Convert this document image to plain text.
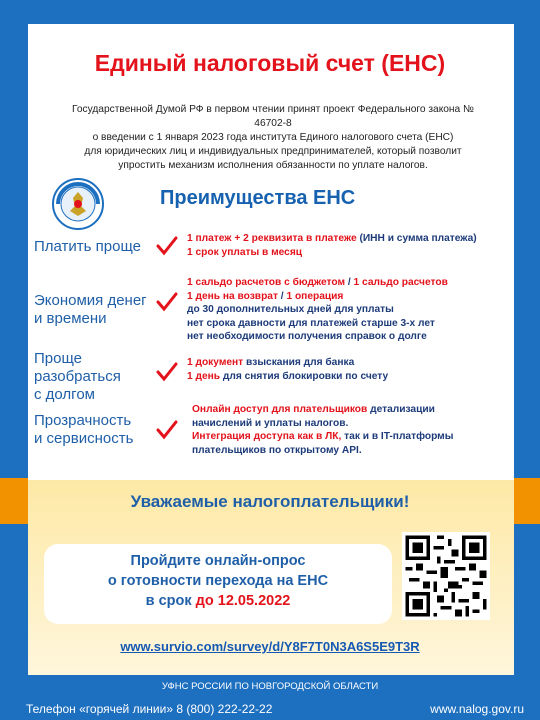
Единый налоговый счет (ЕНС)
Государственной Думой РФ в первом чтении принят проект Федерального закона № 46702-8
о введении с 1 января 2023 года института Единого налогового счета (ЕНС)
для юридических лиц и индивидуальных предпринимателей, который позволит
упростить механизм исполнения обязанности по уплате налогов.
Преимущества ЕНС
Платить проще	1 платеж + 2 реквизита в платеже (ИНН и сумма платежа)
1 срок уплаты в месяц
Экономия денег
и времени
1 сальдо расчетов с бюджетом / 1 сальдо расчетов
1 день на возврат / 1 операция
до 30 дополнительных дней для уплаты
нет срока давности для платежей старше 3-х лет
нет необходимости получения справок о долге
Проще
разобраться
с долгом
1 документ взыскания для банка
1 день для снятия блокировки по счету
Прозрачность
и сервисность
Онлайн доступ для плательщиков детализации
начислений и уплаты налогов.
Интеграция доступа как в ЛК, так и в IT-платформы
плательщиков по открытому API.
Уважаемые налогоплательщики!
Пройдите онлайн-опрос
о готовности перехода на ЕНС
в срок до 12.05.2022
www.survio.com/survey/d/Y8F7T0N3A6S5E9T3R
УФНС РОССИИ ПО НОВГОРОДСКОЙ ОБЛАСТИ
Телефон «горячей линии» 8 (800) 222-22-22	www.nalog.gov.ru
